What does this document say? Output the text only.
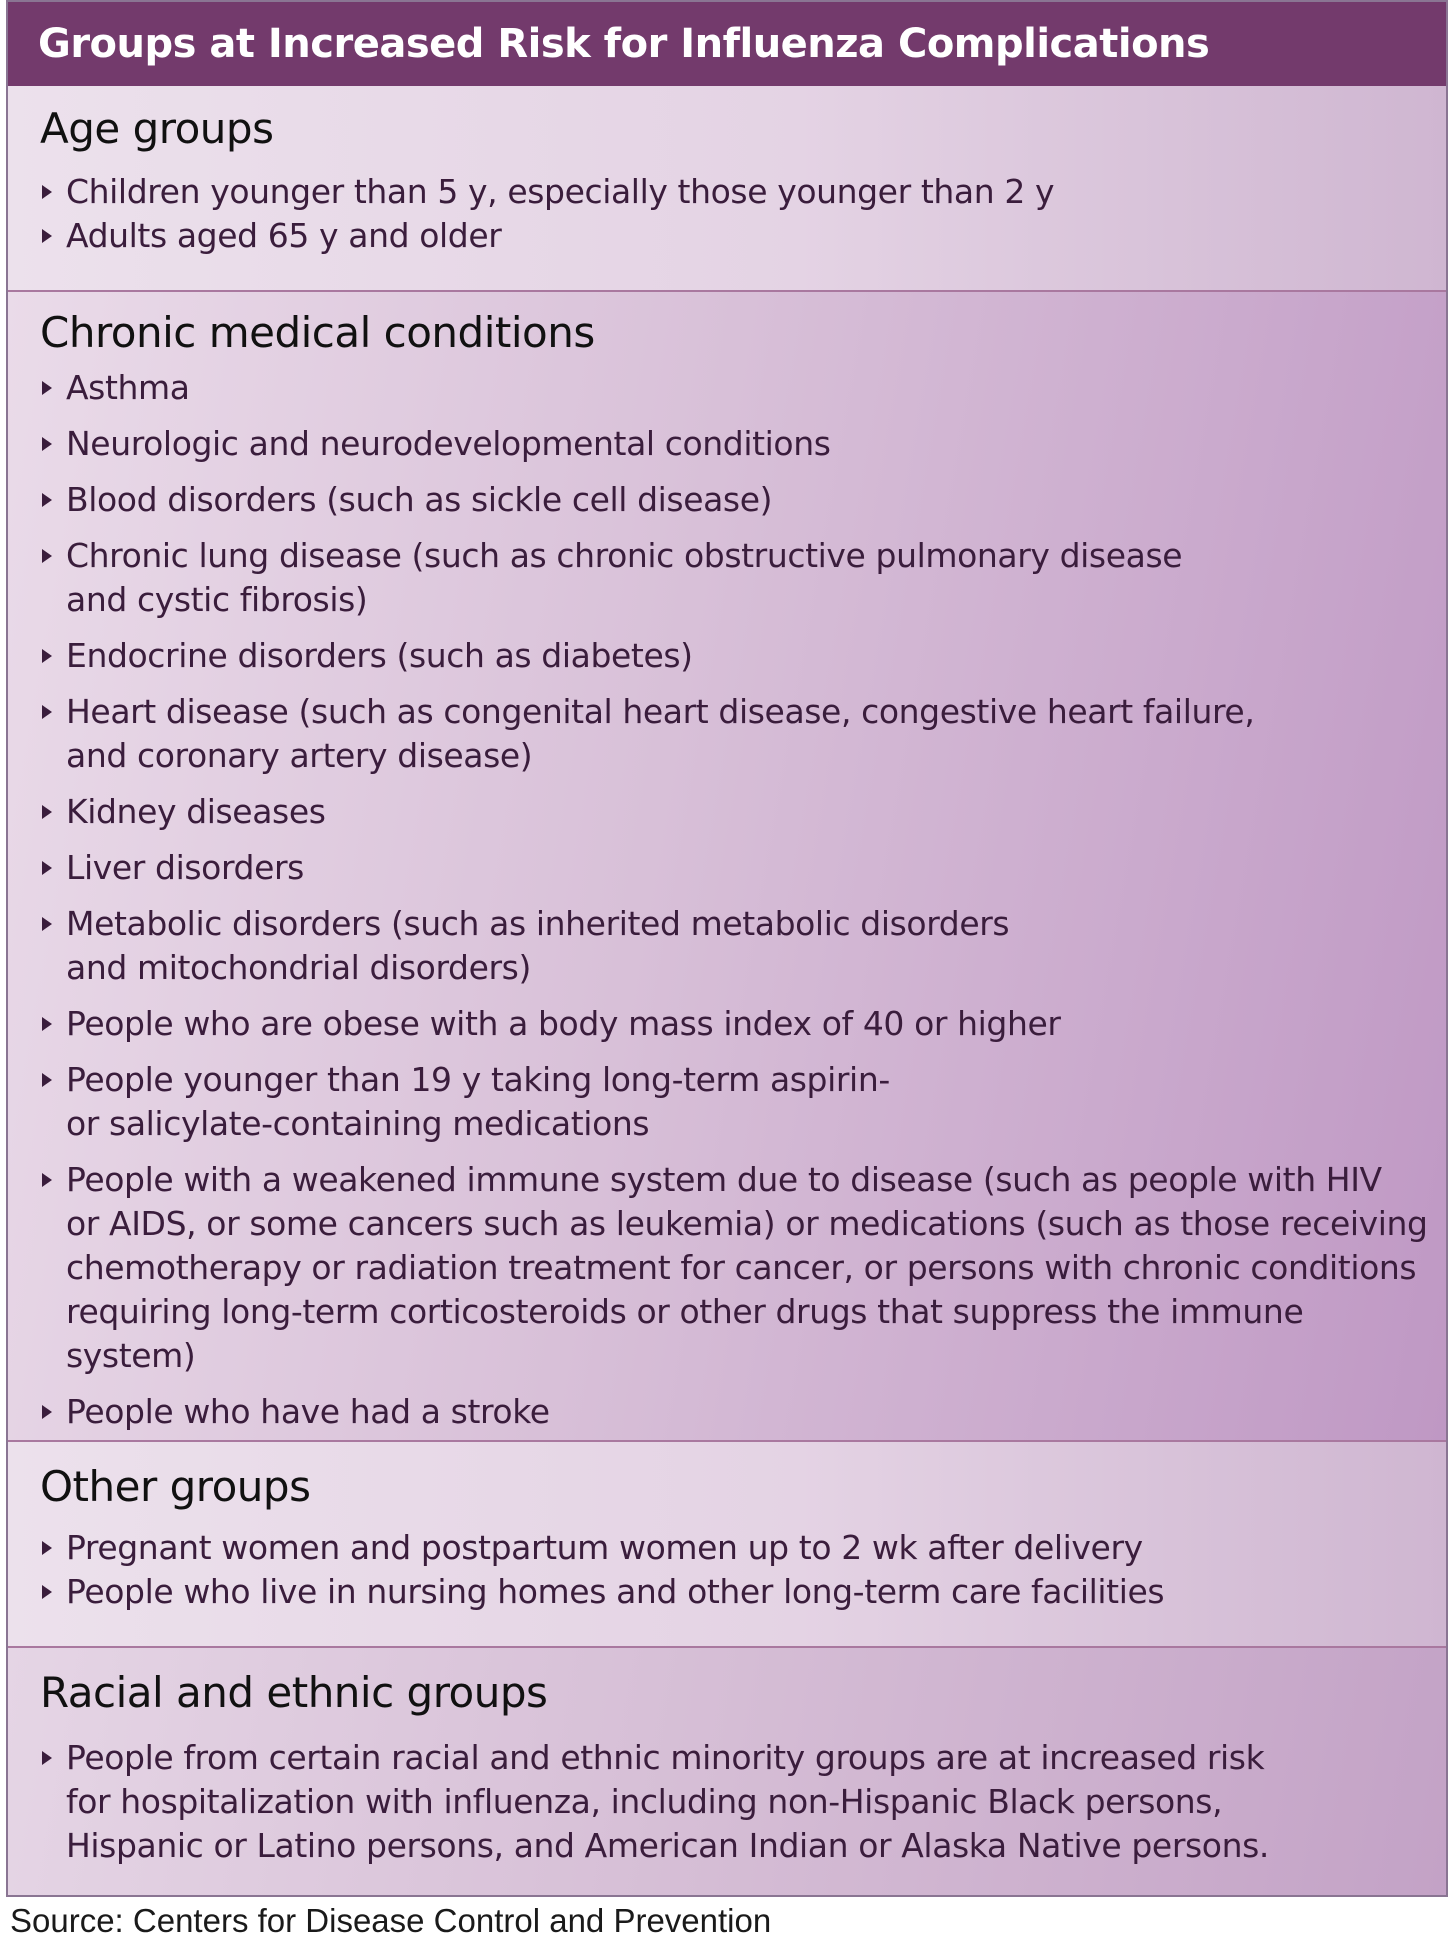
Groups at Increased Risk for Influenza Complications
Age groups
Children younger than 5 y, especially those younger than 2 y
Adults aged 65 y and older
Chronic medical conditions
Asthma
Neurologic and neurodevelopmental conditions
Blood disorders (such as sickle cell disease)
Chronic lung disease (such as chronic obstructive pulmonary disease
and cystic fibrosis)
Endocrine disorders (such as diabetes)
Heart disease (such as congenital heart disease, congestive heart failure,
and coronary artery disease)
Kidney diseases
Liver disorders
Metabolic disorders (such as inherited metabolic disorders
and mitochondrial disorders)
People who are obese with a body mass index of 40 or higher
People younger than 19 y taking long-term aspirin-
or salicylate-containing medications
People with a weakened immune system due to disease (such as people with HIV
or AIDS, or some cancers such as leukemia) or medications (such as those receiving
chemotherapy or radiation treatment for cancer, or persons with chronic conditions
requiring long-term corticosteroids or other drugs that suppress the immune system)
People who have had a stroke
Other groups
Pregnant women and postpartum women up to 2 wk after delivery
People who live in nursing homes and other long-term care facilities
Racial and ethnic groups
People from certain racial and ethnic minority groups are at increased risk
for hospitalization with influenza, including non-Hispanic Black persons,
Hispanic or Latino persons, and American Indian or Alaska Native persons.
Source: Centers for Disease Control and Prevention
